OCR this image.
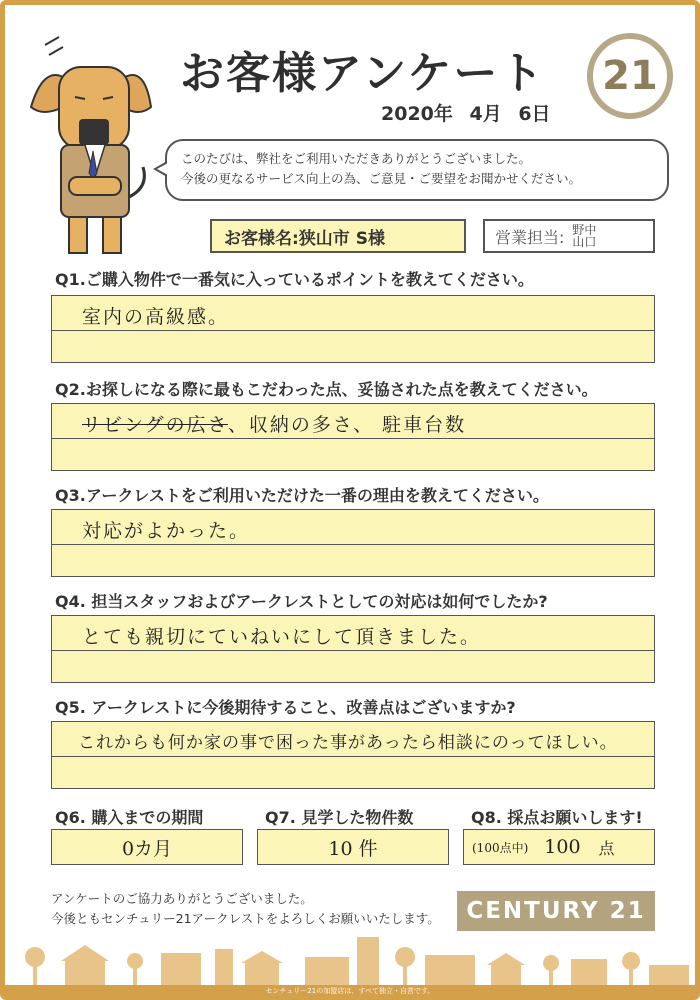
お客様アンケート	21
2020年 4月 6日
このたびは、弊社をご利用いただきありがとうございました。
今後の更なるサービス向上の為、ご意見・ご要望をお聞かせください。
お客様名:狭山市 S様	営業担当: 野中
山口
Q1.ご購入物件で一番気に入っているポイントを教えてください。
室内の高級感。
Q2.お探しになる際に最もこだわった点、妥協された点を教えてください。
リビングの広さ、収納の多さ、 駐車台数
Q3.アークレストをご利用いただけた一番の理由を教えてください。
対応がよかった。
Q4. 担当スタッフおよびアークレストとしての対応は如何でしたか?
とても親切にていねいにして頂きました。
Q5. アークレストに今後期待すること、改善点はございますか?
これからも何か家の事で困った事があったら相談にのってほしい。
Q6. 購入までの期間	Q7. 見学した物件数	Q8. 採点お願いします!
0カ月	10 件	(100点中) 100 点
アンケートのご協力ありがとうございました。
今後ともセンチュリー21アークレストをよろしくお願いいたします。	CENTURY 21
センチュリー21の加盟店は、すべて独立・自営です。
